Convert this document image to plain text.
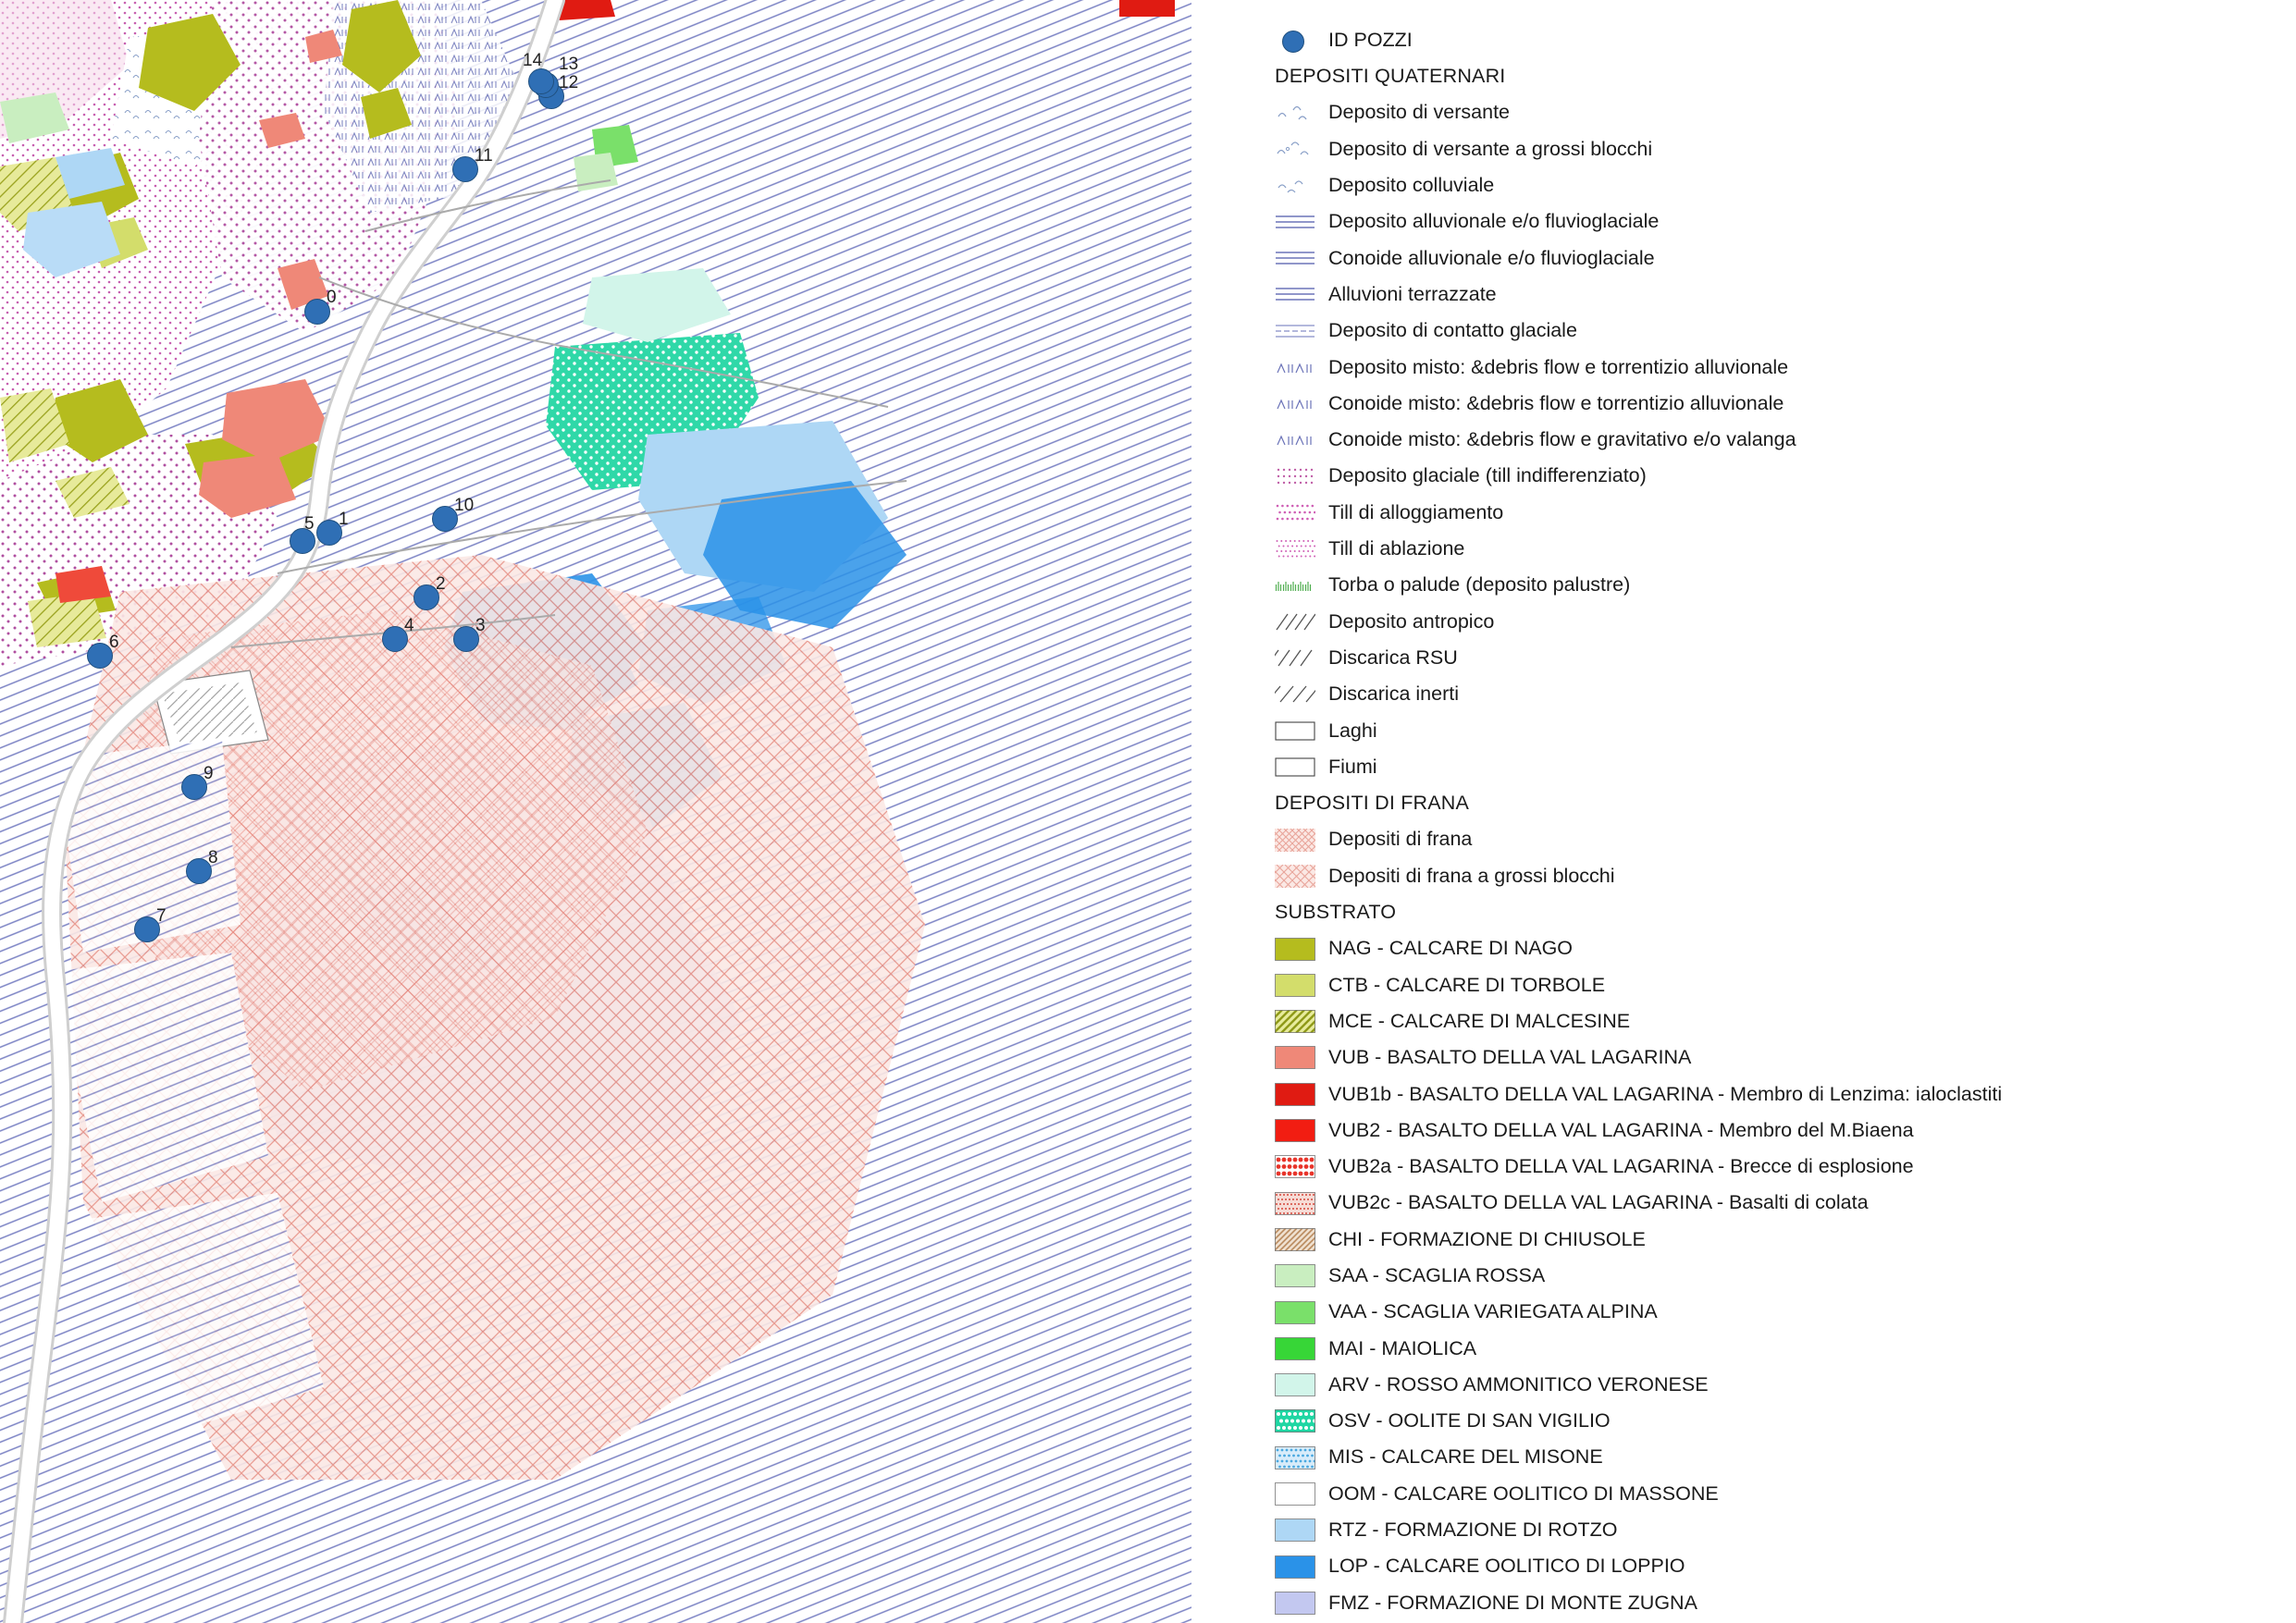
0
1
2
3
4
5
6
7
8
9
10
11
12
13
14
ID POZZI
DEPOSITI QUATERNARI
Deposito di versante
Deposito di versante a grossi blocchi
Deposito colluviale
Deposito alluvionale e/o fluvioglaciale
Conoide alluvionale e/o fluvioglaciale
Alluvioni terrazzate
Deposito di contatto glaciale
Deposito misto: &debris flow e torrentizio alluvionale
Conoide misto: &debris flow e torrentizio alluvionale
Conoide misto: &debris flow e gravitativo e/o valanga
Deposito glaciale (till indifferenziato)
Till di alloggiamento
Till di ablazione
Torba o palude (deposito palustre)
Deposito antropico
Discarica RSU
Discarica inerti
Laghi
Fiumi
DEPOSITI DI FRANA
Depositi di frana
Depositi di frana a grossi blocchi
SUBSTRATO
NAG - CALCARE DI NAGO
CTB - CALCARE DI TORBOLE
MCE - CALCARE DI MALCESINE
VUB - BASALTO DELLA VAL LAGARINA
VUB1b - BASALTO DELLA VAL LAGARINA - Membro di Lenzima: ialoclastiti
VUB2 - BASALTO DELLA VAL LAGARINA - Membro del M.Biaena
VUB2a - BASALTO DELLA VAL LAGARINA - Brecce di esplosione
VUB2c - BASALTO DELLA VAL LAGARINA - Basalti di colata
CHI - FORMAZIONE DI CHIUSOLE
SAA - SCAGLIA ROSSA
VAA - SCAGLIA VARIEGATA ALPINA
MAI - MAIOLICA
ARV - ROSSO AMMONITICO VERONESE
OSV - OOLITE DI SAN VIGILIO
MIS - CALCARE DEL MISONE
OOM - CALCARE OOLITICO DI MASSONE
RTZ - FORMAZIONE DI ROTZO
LOP - CALCARE OOLITICO DI LOPPIO
FMZ - FORMAZIONE DI MONTE ZUGNA
